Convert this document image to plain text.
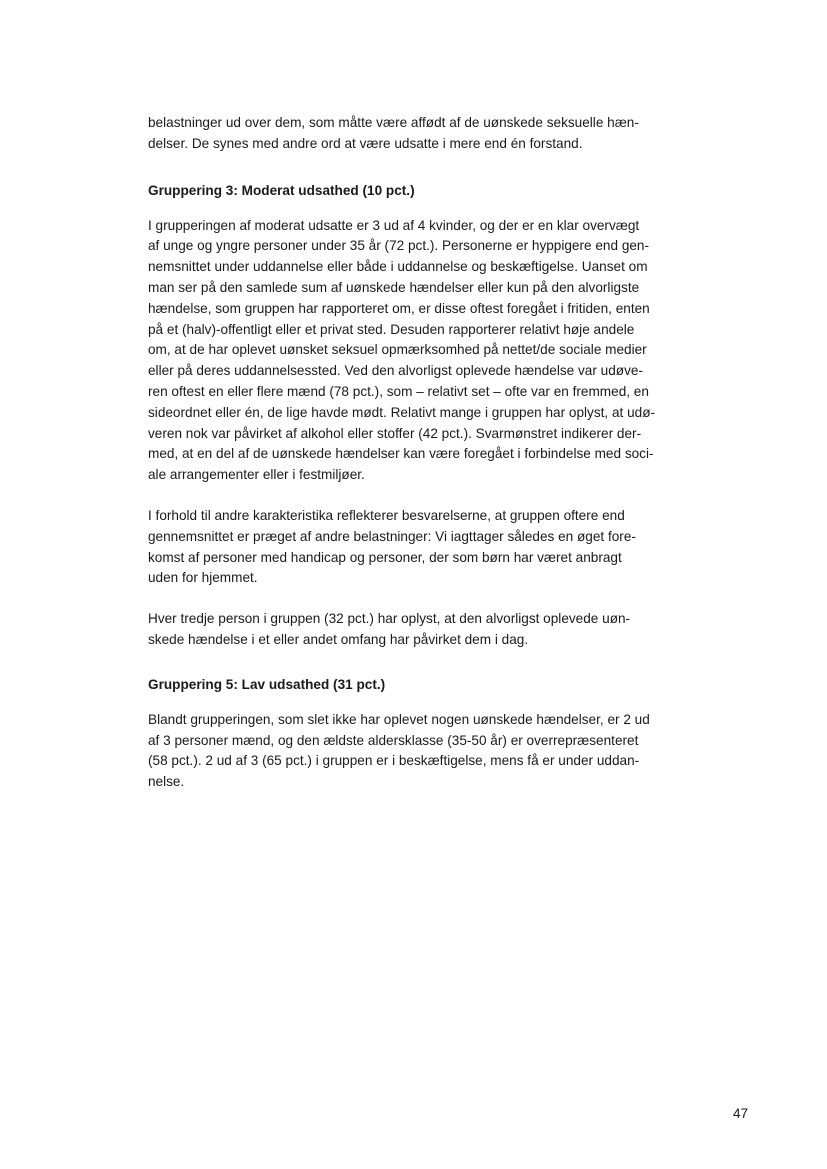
belastninger ud over dem, som måtte være affødt af de uønskede seksuelle hæn-
delser. De synes med andre ord at være udsatte i mere end én forstand.

Gruppering 3: Moderat udsathed (10 pct.)

I grupperingen af moderat udsatte er 3 ud af 4 kvinder, og der er en klar overvægt
af unge og yngre personer under 35 år (72 pct.). Personerne er hyppigere end gen-
nemsnittet under uddannelse eller både i uddannelse og beskæftigelse. Uanset om
man ser på den samlede sum af uønskede hændelser eller kun på den alvorligste
hændelse, som gruppen har rapporteret om, er disse oftest foregået i fritiden, enten
på et (halv)-offentligt eller et privat sted. Desuden rapporterer relativt høje andele
om, at de har oplevet uønsket seksuel opmærksomhed på nettet/de sociale medier
eller på deres uddannelsessted. Ved den alvorligst oplevede hændelse var udøve-
ren oftest en eller flere mænd (78 pct.), som – relativt set – ofte var en fremmed, en
sideordnet eller én, de lige havde mødt. Relativt mange i gruppen har oplyst, at udø-
veren nok var påvirket af alkohol eller stoffer (42 pct.). Svarmønstret indikerer der-
med, at en del af de uønskede hændelser kan være foregået i forbindelse med soci-
ale arrangementer eller i festmiljøer.

I forhold til andre karakteristika reflekterer besvarelserne, at gruppen oftere end
gennemsnittet er præget af andre belastninger: Vi iagttager således en øget fore-
komst af personer med handicap og personer, der som børn har været anbragt
uden for hjemmet.

Hver tredje person i gruppen (32 pct.) har oplyst, at den alvorligst oplevede uøn-
skede hændelse i et eller andet omfang har påvirket dem i dag.

Gruppering 5: Lav udsathed (31 pct.)

Blandt grupperingen, som slet ikke har oplevet nogen uønskede hændelser, er 2 ud
af 3 personer mænd, og den ældste aldersklasse (35-50 år) er overrepræsenteret
(58 pct.). 2 ud af 3 (65 pct.) i gruppen er i beskæftigelse, mens få er under uddan-
nelse.

47
